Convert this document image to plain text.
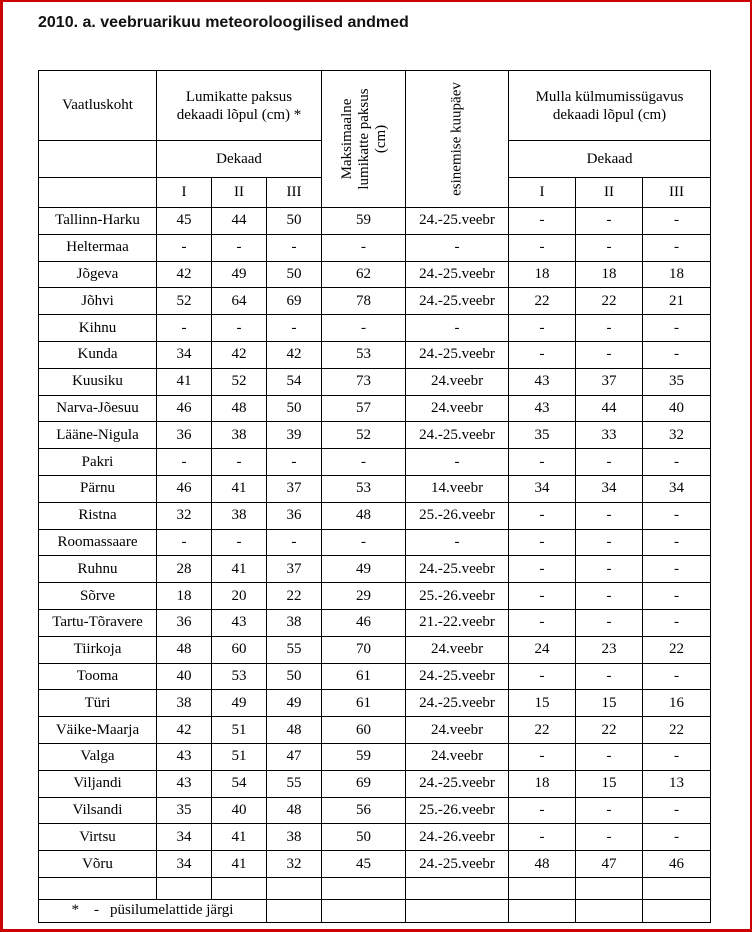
2010. a. veebruarikuu meteoroloogilised andmed
Vaatluskoht	Lumikatte paksus dekaadi lõpul (cm) *			Maksimaalne lumikatte paksus (cm)	esinemise kuupäev	Mulla külmumissügavus dekaadi lõpul (cm)		

	Dekaad					Dekaad		
	I	II	III			I	II	III
Tallinn-Harku	45	44	50	59	24.-25.veebr	-	-	-
Heltermaa	-	-	-	-	-	-	-	-
Jõgeva	42	49	50	62	24.-25.veebr	18	18	18
Jõhvi	52	64	69	78	24.-25.veebr	22	22	21
Kihnu	-	-	-	-	-	-	-	-
Kunda	34	42	42	53	24.-25.veebr	-	-	-
Kuusiku	41	52	54	73	24.veebr	43	37	35
Narva-Jõesuu	46	48	50	57	24.veebr	43	44	40
Lääne-Nigula	36	38	39	52	24.-25.veebr	35	33	32
Pakri	-	-	-	-	-	-	-	-
Pärnu	46	41	37	53	14.veebr	34	34	34
Ristna	32	38	36	48	25.-26.veebr	-	-	-
Roomassaare	-	-	-	-	-	-	-	-
Ruhnu	28	41	37	49	24.-25.veebr	-	-	-
Sõrve	18	20	22	29	25.-26.veebr	-	-	-
Tartu-Tõravere	36	43	38	46	21.-22.veebr	-	-	-
Tiirkoja	48	60	55	70	24.veebr	24	23	22
Tooma	40	53	50	61	24.-25.veebr	-	-	-
Türi	38	49	49	61	24.-25.veebr	15	15	16
Väike-Maarja	42	51	48	60	24.veebr	22	22	22
Valga	43	51	47	59	24.veebr	-	-	-
Viljandi	43	54	55	69	24.-25.veebr	18	15	13
Vilsandi	35	40	48	56	25.-26.veebr	-	-	-
Virtsu	34	41	38	50	24.-26.veebr	-	-	-
Võru	34	41	32	45	24.-25.veebr	48	47	46

* - püsilumelattide järgi								
